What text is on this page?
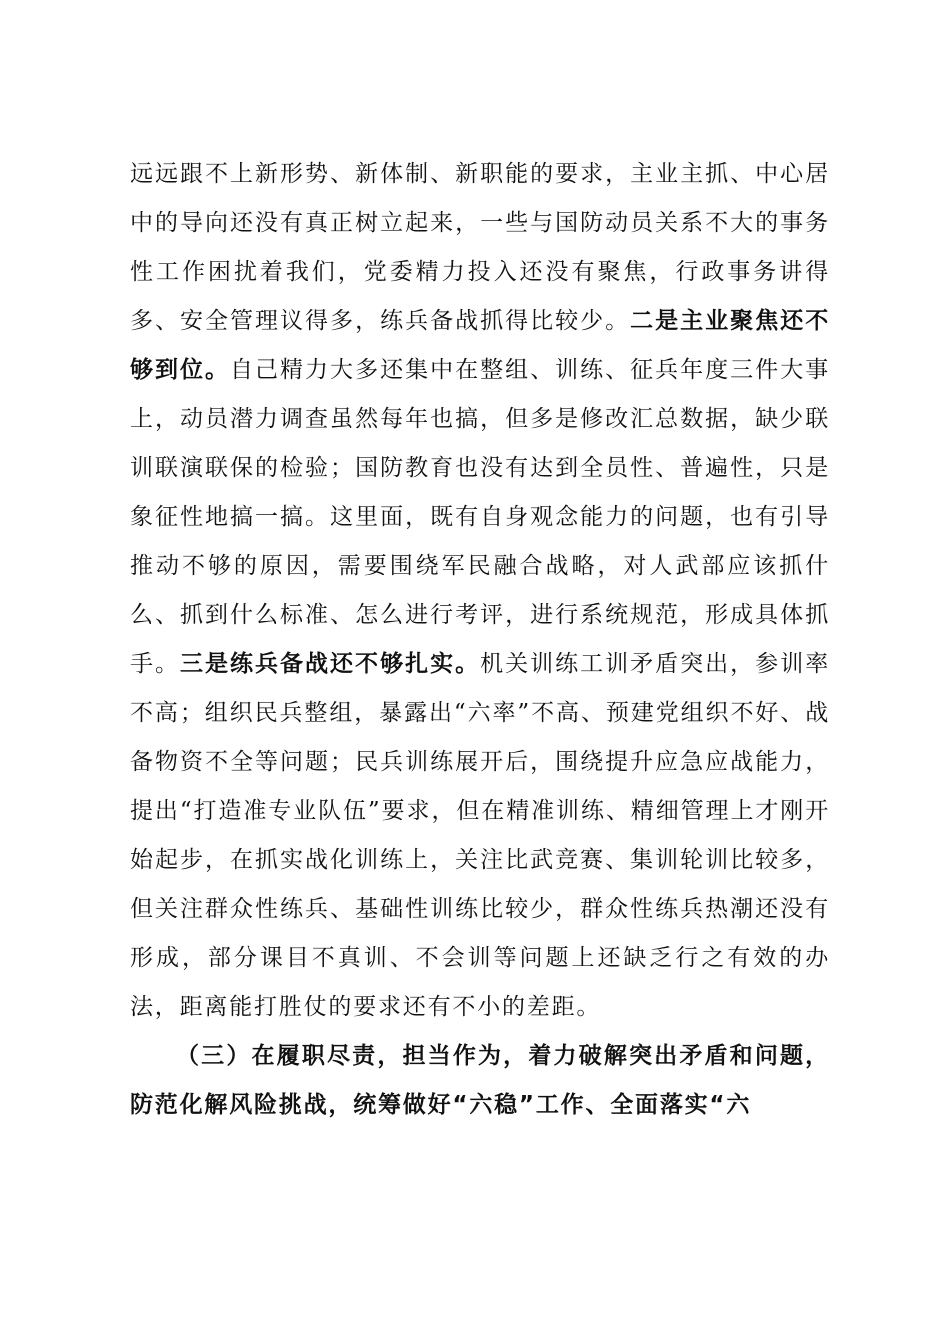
远远跟不上新形势、新体制、新职能的要求，主业主抓、中心居中的导向还没有真正树立起来，一些与国防动员关系不大的事务性工作困扰着我们，党委精力投入还没有聚焦，行政事务讲得多、安全管理议得多，练兵备战抓得比较少。二是主业聚焦还不够到位。自己精力大多还集中在整组、训练、征兵年度三件大事上，动员潜力调查虽然每年也搞，但多是修改汇总数据，缺少联训联演联保的检验；国防教育也没有达到全员性、普遍性，只是象征性地搞一搞。这里面，既有自身观念能力的问题，也有引导推动不够的原因，需要围绕军民融合战略，对人武部应该抓什么、抓到什么标准、怎么进行考评，进行系统规范，形成具体抓手。三是练兵备战还不够扎实。机关训练工训矛盾突出，参训率不高；组织民兵整组，暴露出“六率”不高、预建党组织不好、战备物资不全等问题；民兵训练展开后，围绕提升应急应战能力，提出“打造准专业队伍”要求，但在精准训练、精细管理上才刚开始起步，在抓实战化训练上，关注比武竞赛、集训轮训比较多，但关注群众性练兵、基础性训练比较少，群众性练兵热潮还没有形成，部分课目不真训、不会训等问题上还缺乏行之有效的办法，距离能打胜仗的要求还有不小的差距。

（三）在履职尽责，担当作为，着力破解突出矛盾和问题，防范化解风险挑战，统筹做好“六稳”工作、全面落实“六
